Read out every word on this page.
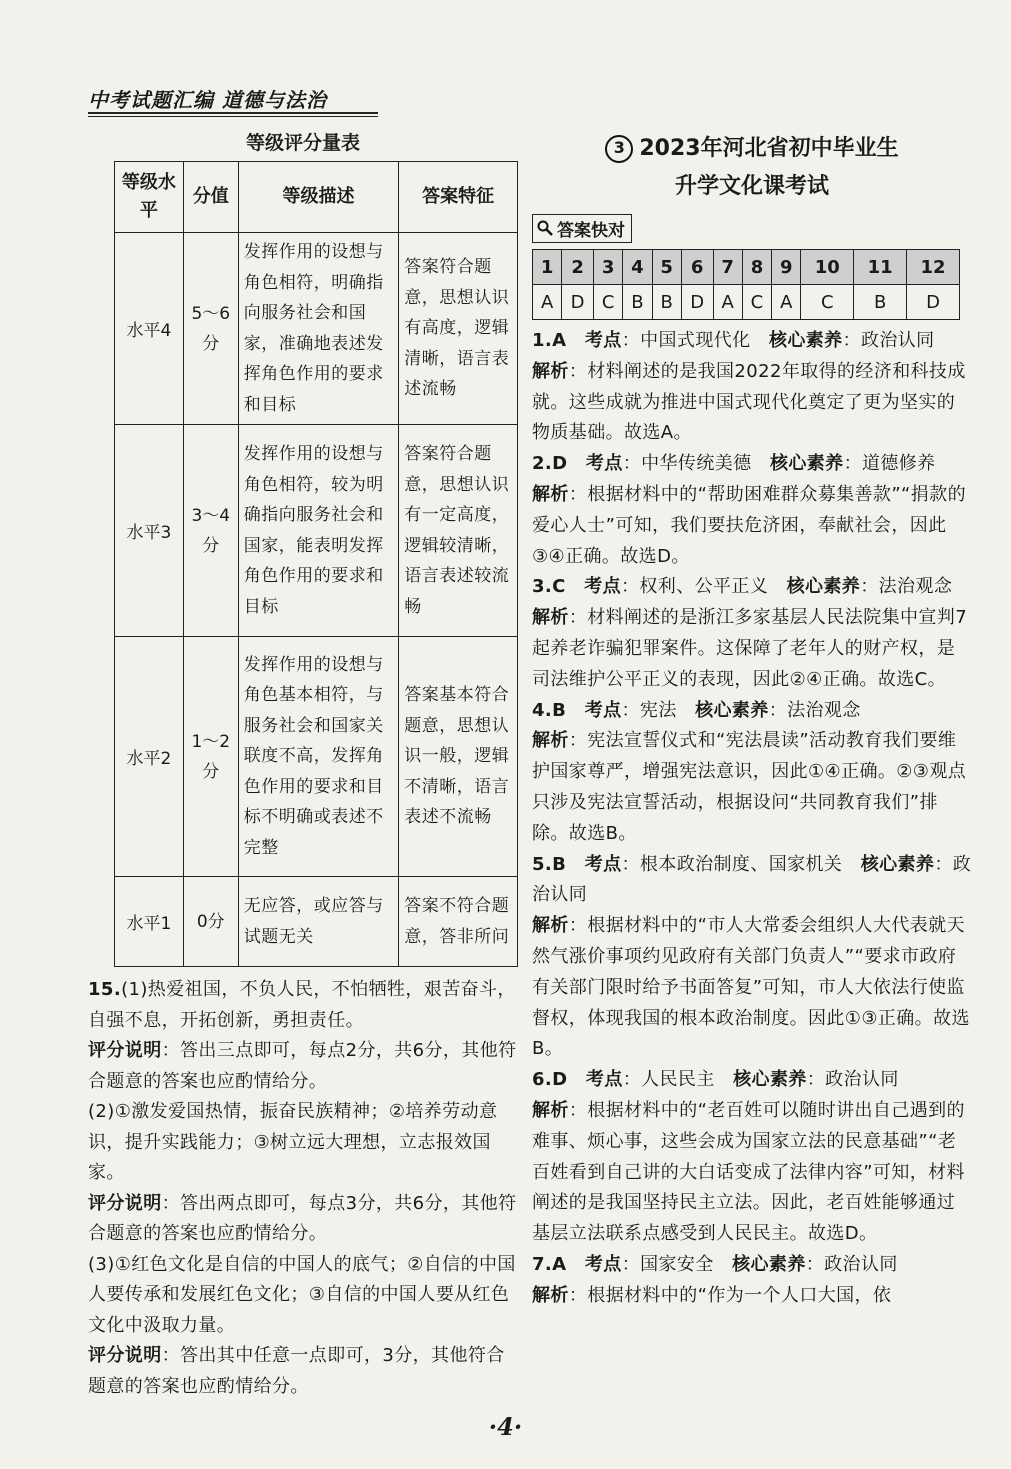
中考试题汇编 道德与法治
等级评分量表
等级水平	分值	等级描述	答案特征
水平4	5～6分	发挥作用的设想与角色相符，明确指向服务社会和国家，准确地表述发挥角色作用的要求和目标	答案符合题意，思想认识有高度，逻辑清晰，语言表述流畅
水平3	3～4分	发挥作用的设想与角色相符，较为明确指向服务社会和国家，能表明发挥角色作用的要求和目标	答案符合题意，思想认识有一定高度，逻辑较清晰，语言表述较流畅
水平2	1～2分	发挥作用的设想与角色基本相符，与服务社会和国家关联度不高，发挥角色作用的要求和目标不明确或表述不完整	答案基本符合题意，思想认识一般，逻辑不清晰，语言表述不流畅
水平1	0分	无应答，或应答与试题无关	答案不符合题意，答非所问

15.(1)热爱祖国，不负人民，不怕牺牲，艰苦奋斗，自强不息，开拓创新，勇担责任。

评分说明：答出三点即可，每点2分，共6分，其他符合题意的答案也应酌情给分。

(2)①激发爱国热情，振奋民族精神；②培养劳动意识，提升实践能力；③树立远大理想，立志报效国家。

评分说明：答出两点即可，每点3分，共6分，其他符合题意的答案也应酌情给分。

(3)①红色文化是自信的中国人的底气；②自信的中国人要传承和发展红色文化；③自信的中国人要从红色文化中汲取力量。

评分说明：答出其中任意一点即可，3分，其他符合题意的答案也应酌情给分。

3 2023年河北省初中毕业生
升学文化课考试
答案快对
1	2	3	4	5	6	7	8	9	10	11	12
A	D	C	B	B	D	A	C	A	C	B	D

1.A　 考点：中国式现代化　 核心素养：政治认同

解析：材料阐述的是我国2022年取得的经济和科技成就。这些成就为推进中国式现代化奠定了更为坚实的物质基础。故选A。

2.D　 考点：中华传统美德　 核心素养：道德修养

解析：根据材料中的“帮助困难群众募集善款”“捐款的爱心人士”可知，我们要扶危济困，奉献社会，因此③④正确。故选D。

3.C　 考点：权利、公平正义　 核心素养：法治观念

解析：材料阐述的是浙江多家基层人民法院集中宣判7起养老诈骗犯罪案件。这保障了老年人的财产权，是司法维护公平正义的表现，因此②④正确。故选C。

4.B　 考点：宪法　 核心素养：法治观念

解析：宪法宣誓仪式和“宪法晨读”活动教育我们要维护国家尊严，增强宪法意识，因此①④正确。②③观点只涉及宪法宣誓活动，根据设问“共同教育我们”排除。故选B。

5.B　 考点：根本政治制度、国家机关　 核心素养：政治认同

解析：根据材料中的“市人大常委会组织人大代表就天然气涨价事项约见政府有关部门负责人”“要求市政府有关部门限时给予书面答复”可知，市人大依法行使监督权，体现我国的根本政治制度。因此①③正确。故选B。

6.D　 考点：人民民主　 核心素养：政治认同

解析：根据材料中的“老百姓可以随时讲出自己遇到的难事、烦心事，这些会成为国家立法的民意基础”“老百姓看到自己讲的大白话变成了法律内容”可知，材料阐述的是我国坚持民主立法。因此，老百姓能够通过基层立法联系点感受到人民民主。故选D。

7.A　 考点：国家安全　 核心素养：政治认同

解析：根据材料中的“作为一个人口大国，依

·4·
